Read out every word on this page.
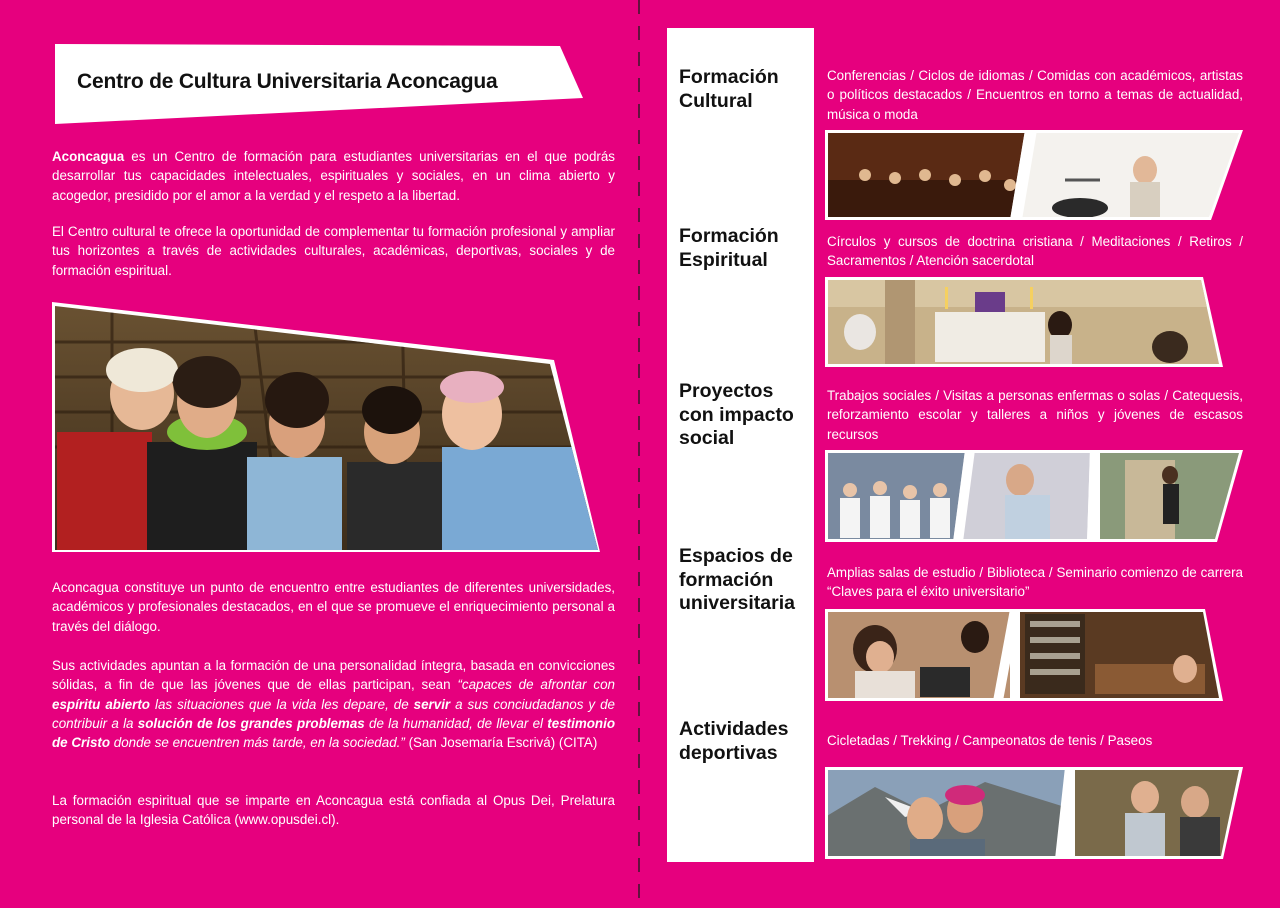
Centro de Cultura Universitaria Aconcagua

Aconcagua es un Centro de formación para estudiantes universitarias en el que podrás desarrollar tus capacidades intelectuales, espirituales y sociales, en un clima abierto y acogedor, presidido por el amor a la verdad y el respeto a la libertad.

El Centro cultural te ofrece la oportunidad de complementar tu formación profesional y ampliar tus horizontes a través de actividades culturales, académicas, deportivas, sociales y de formación espiritual.

Aconcagua constituye un punto de encuentro entre estudiantes de diferentes universidades, académicos y profesionales destacados, en el que se promueve el enriquecimiento personal a través del diálogo.

Sus actividades apuntan a la formación de una personalidad íntegra, basada en convicciones sólidas, a fin de que las jóvenes que de ellas participan, sean “capaces de afrontar con espíritu abierto las situaciones que la vida les depare, de servir a sus conciudadanos y de contribuir a la solución de los grandes problemas de la humanidad, de llevar el testimonio de Cristo donde se encuentren más tarde, en la sociedad.” (San Josemaría Escrivá) (CITA)

La formación espiritual que se imparte en Aconcagua está confiada al Opus Dei, Prelatura personal de la Iglesia Católica (www.opusdei.cl).

Formación
Cultural

Conferencias / Ciclos de idiomas / Comidas con académicos, artistas o políticos destacados / Encuentros en torno a temas de actualidad, música o moda

Formación
Espiritual

Círculos y cursos de doctrina cristiana / Meditaciones / Retiros / Sacramentos / Atención sacerdotal

Proyectos
con impacto
social

Trabajos sociales / Visitas a personas enfermas o solas / Catequesis, reforzamiento escolar y talleres a niños y jóvenes de escasos recursos

Espacios de
formación
universitaria

Amplias salas de estudio / Biblioteca / Seminario comienzo de carrera “Claves para el éxito universitario”

Actividades
deportivas

Cicletadas / Trekking / Campeonatos de tenis / Paseos
